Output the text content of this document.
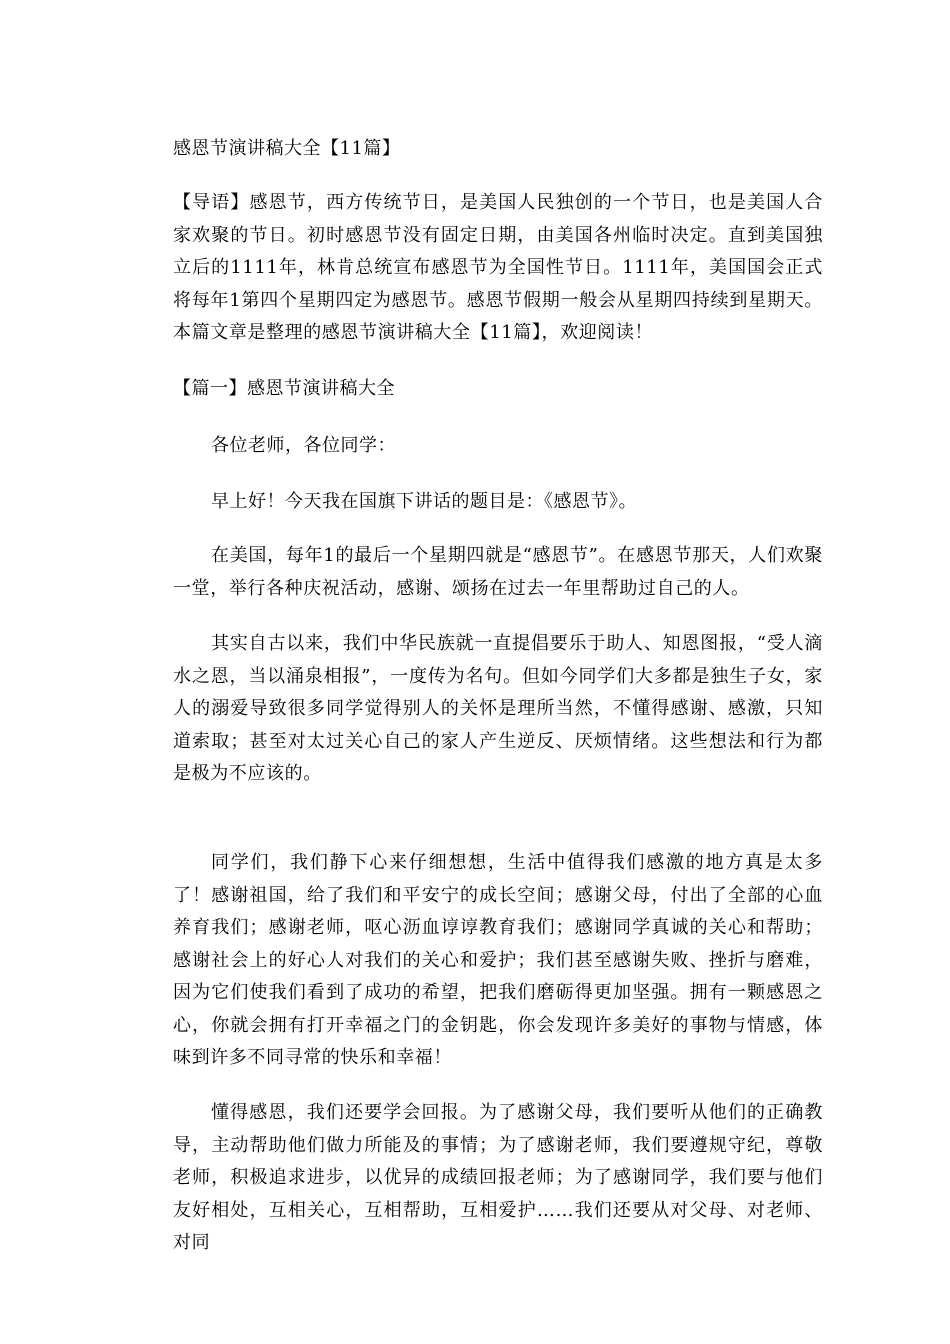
感恩节演讲稿大全【11篇】
【导语】感恩节，西方传统节日，是美国人民独创的一个节日，也是美国人合家欢聚的节日。初时感恩节没有固定日期，由美国各州临时决定。直到美国独立后的1111年，林肯总统宣布感恩节为全国性节日。1111年，美国国会正式将每年1第四个星期四定为感恩节。感恩节假期一般会从星期四持续到星期天。本篇文章是整理的感恩节演讲稿大全【11篇】，欢迎阅读！
【篇一】感恩节演讲稿大全
各位老师，各位同学：
早上好！今天我在国旗下讲话的题目是：《感恩节》。
在美国，每年1的最后一个星期四就是“感恩节”。在感恩节那天，人们欢聚一堂，举行各种庆祝活动，感谢、颂扬在过去一年里帮助过自己的人。
其实自古以来，我们中华民族就一直提倡要乐于助人、知恩图报，“受人滴水之恩，当以涌泉相报”，一度传为名句。但如今同学们大多都是独生子女，家人的溺爱导致很多同学觉得别人的关怀是理所当然，不懂得感谢、感激，只知道索取；甚至对太过关心自己的家人产生逆反、厌烦情绪。这些想法和行为都是极为不应该的。
同学们，我们静下心来仔细想想，生活中值得我们感激的地方真是太多了！感谢祖国，给了我们和平安宁的成长空间；感谢父母，付出了全部的心血养育我们；感谢老师，呕心沥血谆谆教育我们；感谢同学真诚的关心和帮助；感谢社会上的好心人对我们的关心和爱护；我们甚至感谢失败、挫折与磨难，因为它们使我们看到了成功的希望，把我们磨砺得更加坚强。拥有一颗感恩之心，你就会拥有打开幸福之门的金钥匙，你会发现许多美好的事物与情感，体味到许多不同寻常的快乐和幸福！
懂得感恩，我们还要学会回报。为了感谢父母，我们要听从他们的正确教导，主动帮助他们做力所能及的事情；为了感谢老师，我们要遵规守纪，尊敬老师，积极追求进步，以优异的成绩回报老师；为了感谢同学，我们要与他们友好相处，互相关心，互相帮助，互相爱护……我们还要从对父母、对老师、对同
